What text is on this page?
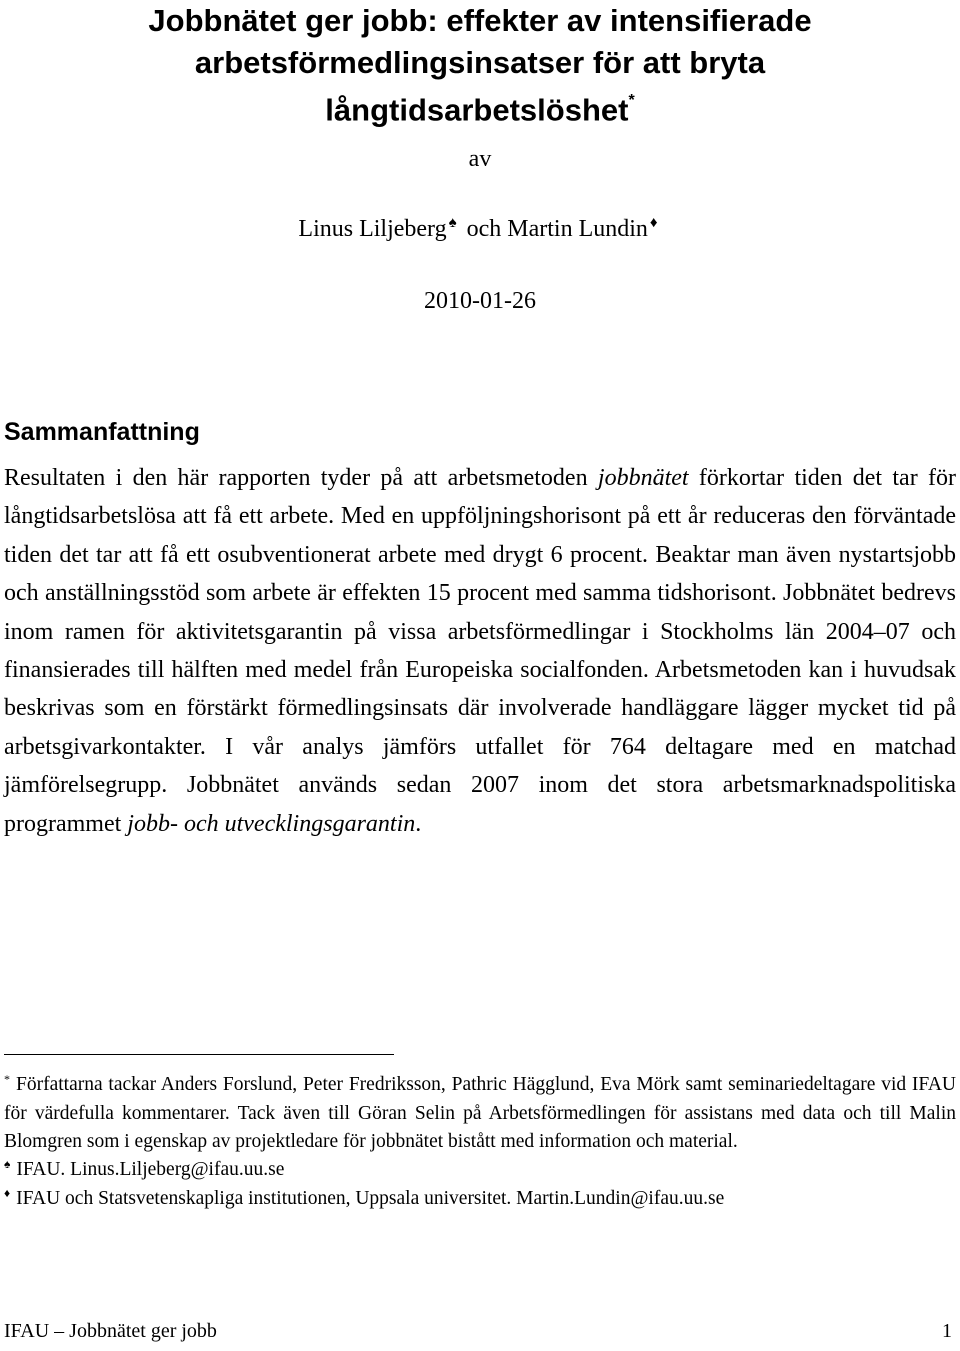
Jobbnätet ger jobb: effekter av intensifierade arbetsförmedlingsinsatser för att bryta långtidsarbetslöshet*
av
Linus Liljeberg ♠ och Martin Lundin ♦
2010-01-26
Sammanfattning

Resultaten i den här rapporten tyder på att arbetsmetoden jobbnätet förkortar tiden det tar för långtidsarbetslösa att få ett arbete. Med en uppföljningshorisont på ett år reduceras den förväntade tiden det tar att få ett osubventionerat arbete med drygt 6 procent. Beaktar man även nystartsjobb och anställningsstöd som arbete är effekten 15 procent med samma tidshorisont. Jobbnätet bedrevs inom ramen för aktivitetsgarantin på vissa arbetsförmedlingar i Stockholms län 2004–07 och finansierades till hälften med medel från Europeiska socialfonden. Arbetsmetoden kan i huvudsak beskrivas som en förstärkt förmedlingsinsats där involverade handläggare lägger mycket tid på arbetsgivarkontakter. I vår analys jämförs utfallet för 764 deltagare med en matchad jämförelsegrupp. Jobbnätet används sedan 2007 inom det stora arbetsmarknadspolitiska programmet jobb- och utvecklingsgarantin.

* Författarna tackar Anders Forslund, Peter Fredriksson, Pathric Hägglund, Eva Mörk samt seminariedeltagare vid IFAU för värdefulla kommentarer. Tack även till Göran Selin på Arbetsförmedlingen för assistans med data och till Malin Blomgren som i egenskap av projektledare för jobbnätet bistått med information och material.

♠ IFAU. Linus.Liljeberg@ifau.uu.se

♦ IFAU och Statsvetenskapliga institutionen, Uppsala universitet. Martin.Lundin@ifau.uu.se

IFAU – Jobbnätet ger jobb	1
